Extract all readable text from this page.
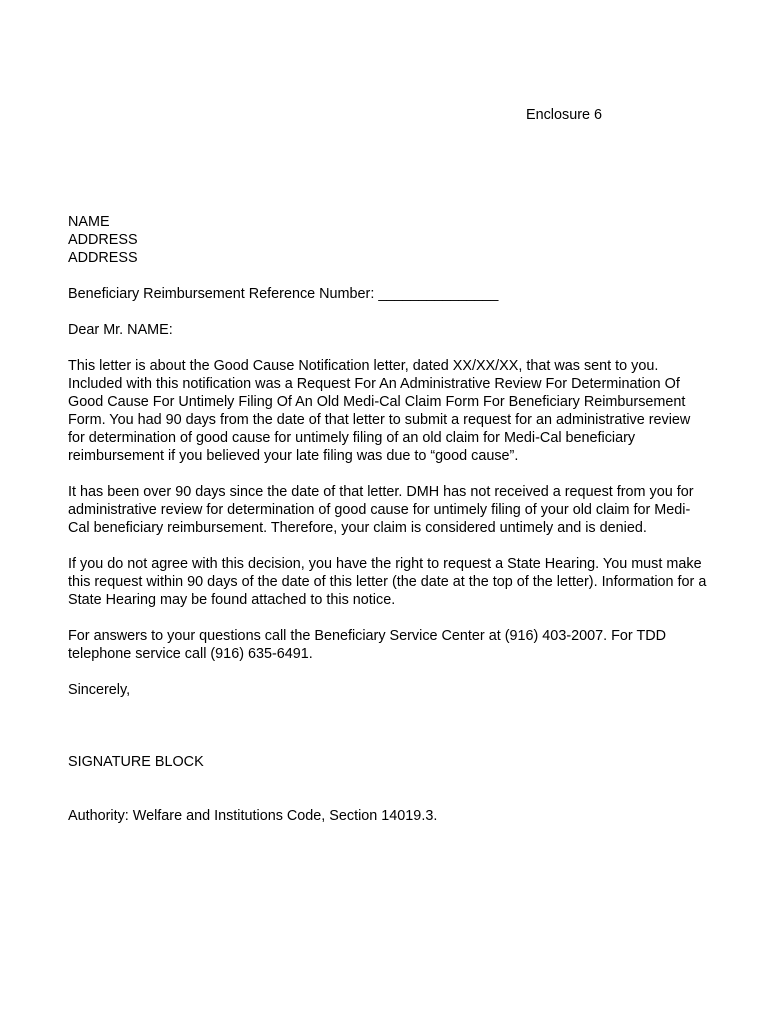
Enclosure 6
NAME
ADDRESS
ADDRESS
Beneficiary Reimbursement Reference Number: _______________
Dear Mr. NAME:

This letter is about the Good Cause Notification letter, dated XX/XX/XX, that was sent to you. Included with this notification was a Request For An Administrative Review For Determination Of Good Cause For Untimely Filing Of An Old Medi-Cal Claim Form For Beneficiary Reimbursement Form. You had 90 days from the date of that letter to submit a request for an administrative review for determination of good cause for untimely filing of an old claim for Medi-Cal beneficiary reimbursement if you believed your late filing was due to “good cause”.

It has been over 90 days since the date of that letter. DMH has not received a request from you for administrative review for determination of good cause for untimely filing of your old claim for Medi-Cal beneficiary reimbursement. Therefore, your claim is considered untimely and is denied.

If you do not agree with this decision, you have the right to request a State Hearing. You must make this request within 90 days of the date of this letter (the date at the top of the letter). Information for a State Hearing may be found attached to this notice.

For answers to your questions call the Beneficiary Service Center at (916) 403-2007. For TDD telephone service call (916) 635-6491.

Sincerely,
SIGNATURE BLOCK
Authority: Welfare and Institutions Code, Section 14019.3.
